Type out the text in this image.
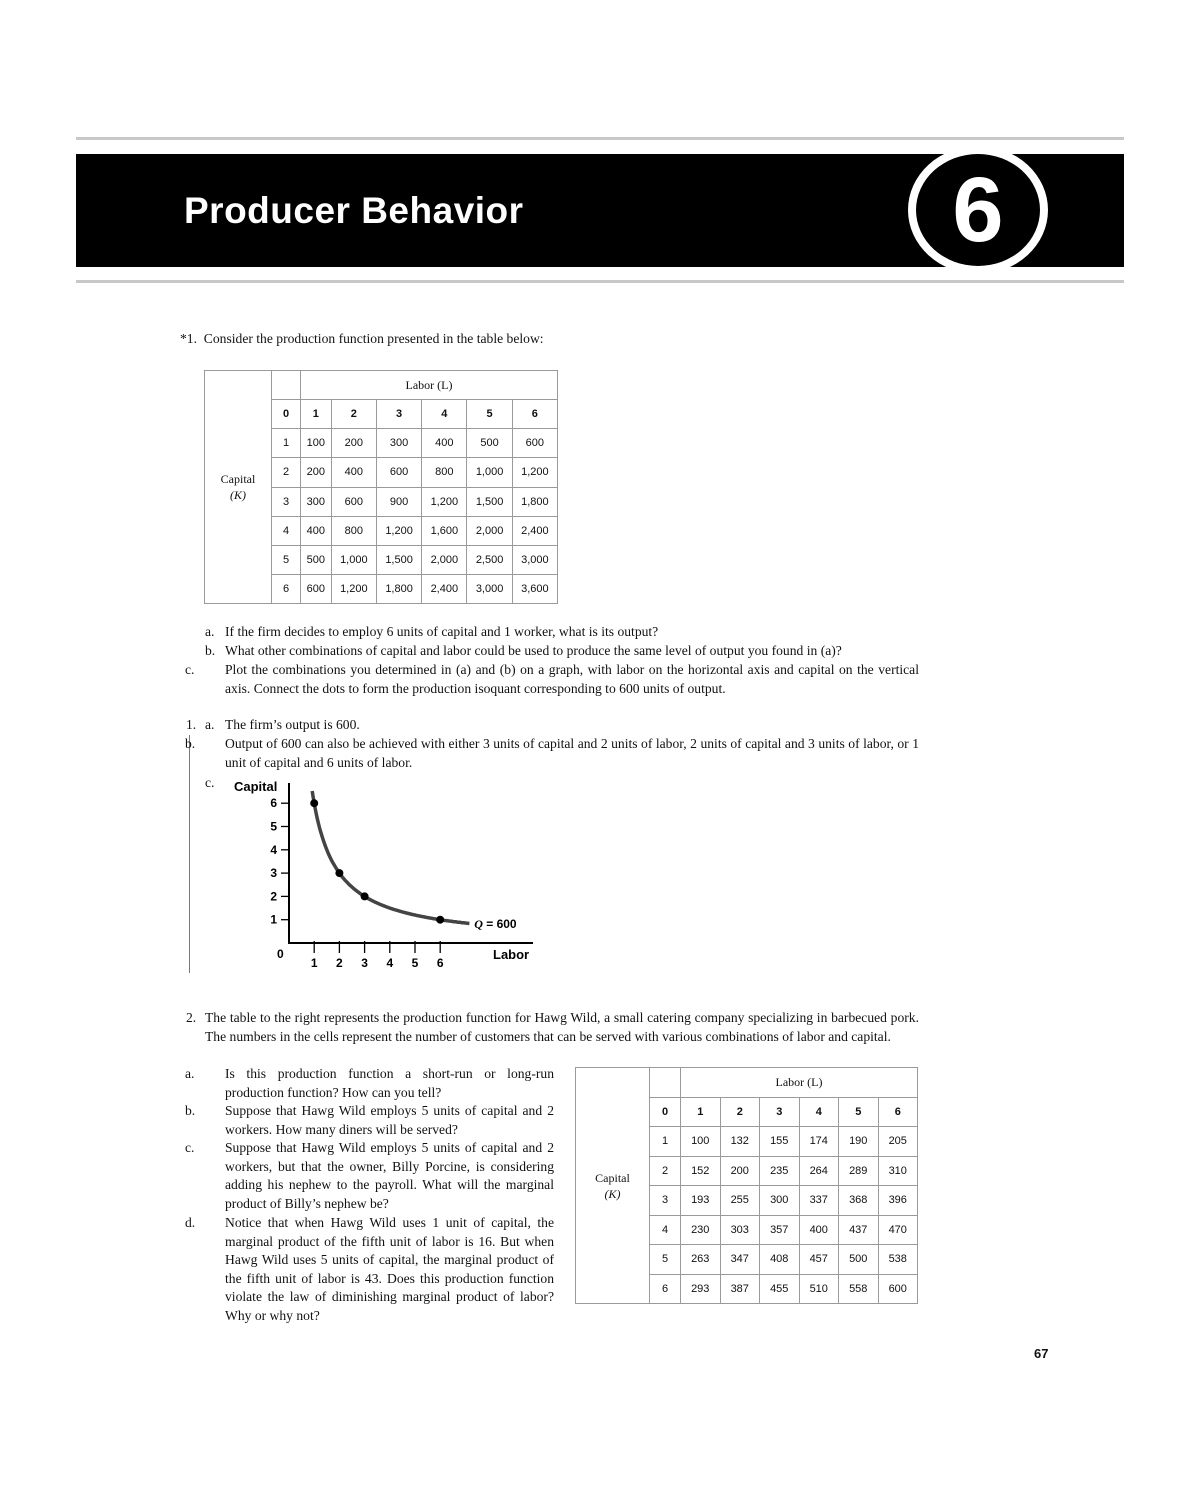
Producer Behavior	6
*1. Consider the production function presented in the table below:
Capital
(K)		Labor (L)					
	0	1	2	3	4	5	6
	1	100	200	300	400	500	600
	2	200	400	600	800	1,000	1,200
	3	300	600	900	1,200	1,500	1,800
	4	400	800	1,200	1,600	2,000	2,400
	5	500	1,000	1,500	2,000	2,500	3,000
	6	600	1,200	1,800	2,400	3,000	3,600
a. If the firm decides to employ 6 units of capital and 1 worker, what is its output?
b. What other combinations of capital and labor could be used to produce the same level of output you found in (a)?
c. Plot the combinations you determined in (a) and (b) on a graph, with labor on the horizontal axis and capital on the vertical axis. Connect the dots to form the production isoquant corresponding to 600 units of output.
1. a. The firm’s output is 600.
b. Output of 600 can also be achieved with either 3 units of capital and 2 units of labor, 2 units of capital and 3 units of labor, or 1 unit of capital and 6 units of labor.
c. Capital
0	Labor
1 2 3 4 5 6
1
2
3
4
5
6
Q = 600
2. The table to the right represents the production function for Hawg Wild, a small catering company specializing in barbecued pork. The numbers in the cells represent the number of customers that can be served with various combinations of labor and capital.
a. Is this production function a short-run or long-run production function? How can you tell?
b. Suppose that Hawg Wild employs 5 units of capital and 2 workers. How many diners will be served?
c. Suppose that Hawg Wild employs 5 units of capital and 2 workers, but that the owner, Billy Porcine, is considering adding his nephew to the payroll. What will the marginal product of Billy’s nephew be?
d. Notice that when Hawg Wild uses 1 unit of capital, the marginal product of the fifth unit of labor is 16. But when Hawg Wild uses 5 units of capital, the marginal product of the fifth unit of labor is 43. Does this production function violate the law of diminishing marginal product of labor? Why or why not?
Capital
(K)		Labor (L)					
	0	1	2	3	4	5	6
	1	100	132	155	174	190	205
	2	152	200	235	264	289	310
	3	193	255	300	337	368	396
	4	230	303	357	400	437	470
	5	263	347	408	457	500	538
	6	293	387	455	510	558	600
67
